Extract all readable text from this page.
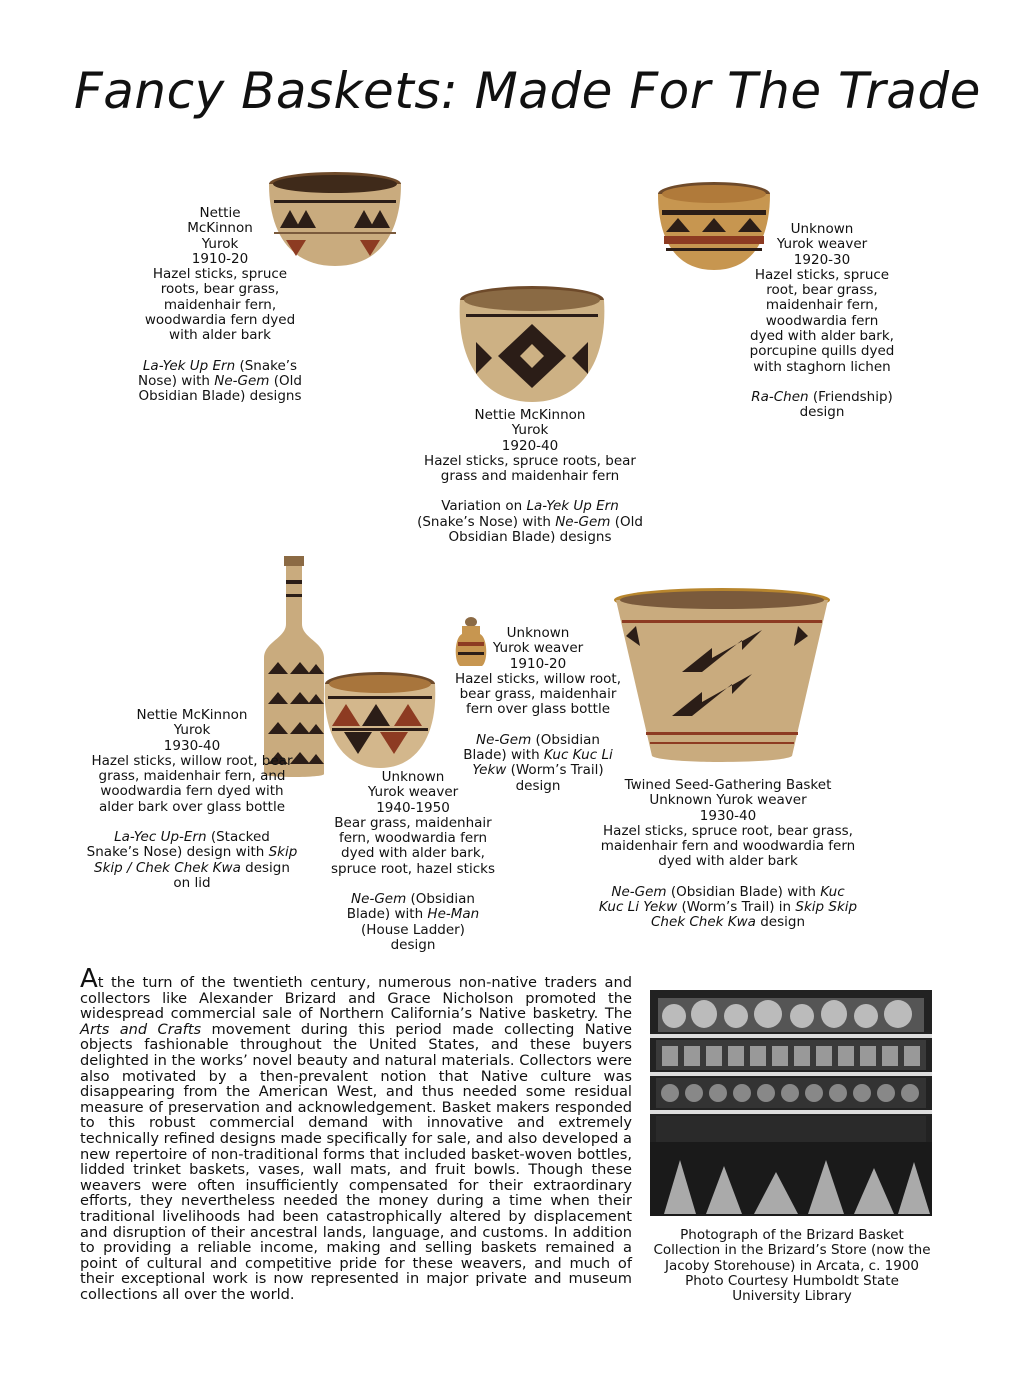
Fancy Baskets: Made For The Trade
Nettie
McKinnon
Yurok
1910-20
Hazel sticks, spruce
roots, bear grass,
maidenhair fern,
woodwardia fern dyed
with alder bark
La-Yek Up Ern (Snake’s
Nose) with Ne-Gem (Old
Obsidian Blade) designs
Unknown
Yurok weaver
1920-30
Hazel sticks, spruce
root, bear grass,
maidenhair fern,
woodwardia fern
dyed with alder bark,
porcupine quills dyed
with staghorn lichen
Ra-Chen (Friendship)
design
Nettie McKinnon
Yurok
1920-40
Hazel sticks, spruce roots, bear
grass and maidenhair fern
Variation on La-Yek Up Ern
(Snake’s Nose) with Ne-Gem (Old
Obsidian Blade) designs
Nettie McKinnon
Yurok
1930-40
Hazel sticks, willow root, bear
grass, maidenhair fern, and
woodwardia fern dyed with
alder bark over glass bottle
La-Yec Up-Ern (Stacked
Snake’s Nose) design with Skip
Skip / Chek Chek Kwa design
on lid
Unknown
Yurok weaver
1940-1950
Bear grass, maidenhair
fern, woodwardia fern
dyed with alder bark,
spruce root, hazel sticks
Ne-Gem (Obsidian
Blade) with He-Man
(House Ladder)
design
Unknown
Yurok weaver
1910-20
Hazel sticks, willow root,
bear grass, maidenhair
fern over glass bottle
Ne-Gem (Obsidian
Blade) with Kuc Kuc Li
Yekw (Worm’s Trail)
design	Twined Seed-Gathering Basket
Unknown Yurok weaver
1930-40
Hazel sticks, spruce root, bear grass,
maidenhair fern and woodwardia fern
dyed with alder bark
Ne-Gem (Obsidian Blade) with Kuc
Kuc Li Yekw (Worm’s Trail) in Skip Skip
Chek Chek Kwa design
At the turn of the twentieth century, numerous non-native traders and collectors like Alexander Brizard and Grace Nicholson promoted the widespread commercial sale of Northern California’s Native basketry. The Arts and Crafts movement during this period made collecting Native objects fashionable throughout the United States, and these buyers delighted in the works’ novel beauty and natural materials. Collectors were also motivated by a then-prevalent notion that Native culture was disappearing from the American West, and thus needed some residual measure of preservation and acknowledgement. Basket makers responded to this robust commercial demand with innovative and extremely technically refined designs made specifically for sale, and also developed a new repertoire of non-traditional forms that included basket-woven bottles, lidded trinket baskets, vases, wall mats, and fruit bowls. Though these weavers were often insufficiently compensated for their extraordinary efforts, they nevertheless needed the money during a time when their traditional livelihoods had been catastrophically altered by displacement and disruption of their ancestral lands, language, and customs. In addition to providing a reliable income, making and selling baskets remained a point of cultural and competitive pride for these weavers, and much of their exceptional work is now represented in major private and museum collections all over the world.
Photograph of the Brizard Basket
Collection in the Brizard’s Store (now the
Jacoby Storehouse) in Arcata, c. 1900
Photo Courtesy Humboldt State
University Library
